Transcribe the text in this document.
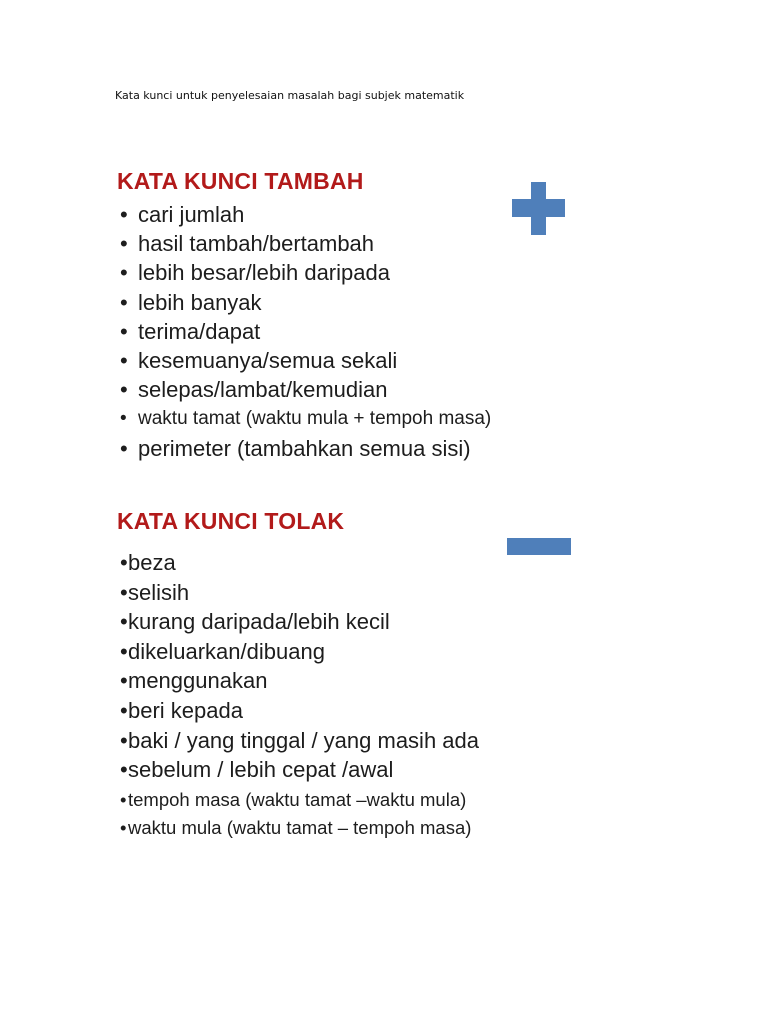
Kata kunci untuk penyelesaian masalah bagi subjek matematik
KATA KUNCI TAMBAH
• cari jumlah
• hasil tambah/bertambah
• lebih besar/lebih daripada
• lebih banyak
• terima/dapat
• kesemuanya/semua sekali
• selepas/lambat/kemudian
• waktu tamat (waktu mula + tempoh masa)
• perimeter (tambahkan semua sisi)
KATA KUNCI TOLAK
•beza
•selisih
•kurang daripada/lebih kecil
•dikeluarkan/dibuang
•menggunakan
•beri kepada
•baki / yang tinggal / yang masih ada
•sebelum / lebih cepat /awal
•tempoh masa (waktu tamat –waktu mula)
•waktu mula (waktu tamat – tempoh masa)
